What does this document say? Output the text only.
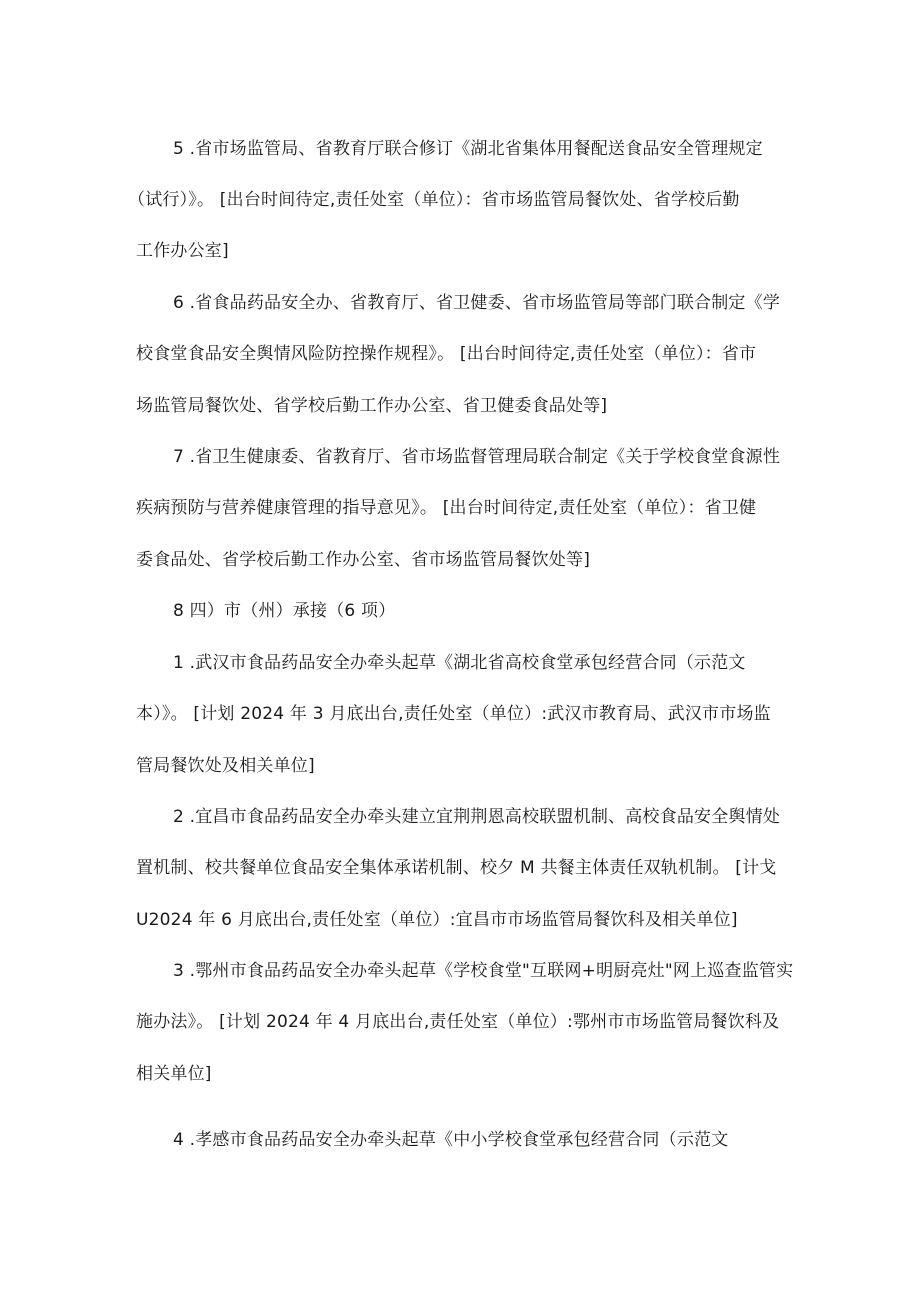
5 .省市场监管局、省教育厅联合修订《湖北省集体用餐配送食品安全管理规定
（试行）》。 [出台时间待定,责任处室（单位）：省市场监管局餐饮处、省学校后勤
工作办公室]
6 .省食品药品安全办、省教育厅、省卫健委、省市场监管局等部门联合制定《学
校食堂食品安全舆情风险防控操作规程》。 [出台时间待定,责任处室（单位）：省市
场监管局餐饮处、省学校后勤工作办公室、省卫健委食品处等]
7 .省卫生健康委、省教育厅、省市场监督管理局联合制定《关于学校食堂食源性
疾病预防与营养健康管理的指导意见》。 [出台时间待定,责任处室（单位）：省卫健
委食品处、省学校后勤工作办公室、省市场监管局餐饮处等]
8 四）市（州）承接（6 项）
1 .武汉市食品药品安全办牵头起草《湖北省高校食堂承包经营合同（示范文
本）》。 [计划 2024 年 3 月底出台,责任处室（单位）:武汉市教育局、武汉市市场监
管局餐饮处及相关单位]
2 .宜昌市食品药品安全办牵头建立宜荆荆恩高校联盟机制、高校食品安全舆情处
置机制、校共餐单位食品安全集体承诺机制、校夕 M 共餐主体责任双轨机制。 [计戈
U2024 年 6 月底出台,责任处室（单位）:宜昌市市场监管局餐饮科及相关单位]
3 .鄂州市食品药品安全办牵头起草《学校食堂"互联网+明厨亮灶"网上巡查监管实
施办法》。 [计划 2024 年 4 月底出台,责任处室（单位）:鄂州市市场监管局餐饮科及
相关单位]
4 .孝感市食品药品安全办牵头起草《中小学校食堂承包经营合同（示范文
